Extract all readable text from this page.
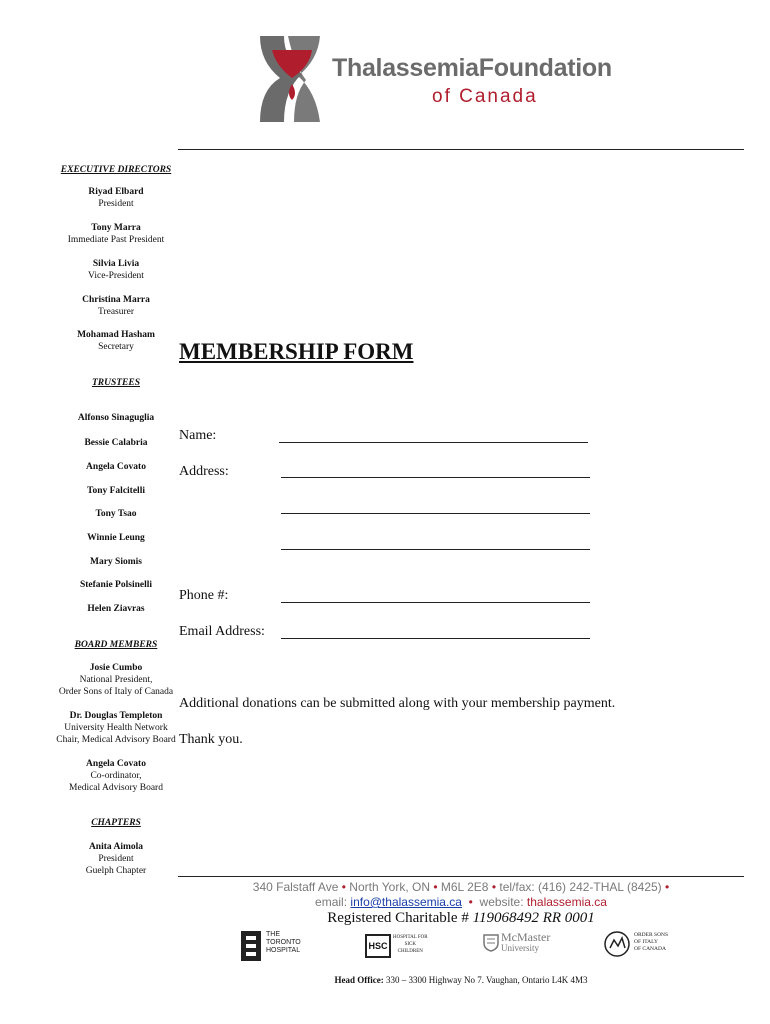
ThalassemiaFoundation
of Canada
EXECUTIVE DIRECTORS
Riyad Elbard
President
Tony Marra
Immediate Past President
Silvia Livia
Vice-President
Christina Marra
Treasurer
Mohamad Hasham
Secretary
TRUSTEES
Alfonso Sinaguglia
Bessie Calabria
Angela Covato
Tony Falcitelli
Tony Tsao
Winnie Leung
Mary Siomis
Stefanie Polsinelli
Helen Ziavras
BOARD MEMBERS
Josie Cumbo
National President,
Order Sons of Italy of Canada
Dr. Douglas Templeton
University Health Network
Chair, Medical Advisory Board
Angela Covato
Co-ordinator,
Medical Advisory Board
CHAPTERS
Anita Aimola
President
Guelph Chapter
MEMBERSHIP FORM
Name:
Address:
Phone #:
Email Address:
Additional donations can be submitted along with your membership payment.
Thank you.
340 Falstaff Ave • North York, ON • M6L 2E8 • tel/fax: (416) 242-THAL (8425) •
email: info@thalassemia.ca • website: thalassemia.ca
Registered Charitable # 119068492 RR 0001
THE
TORONTO
HOSPITAL	HSC
HOSPITAL FOR
SICK
CHILDREN
McMaster
University
ORDER SONS
OF ITALY
OF CANADA
Head Office: 330 – 3300 Highway No 7. Vaughan, Ontario L4K 4M3
